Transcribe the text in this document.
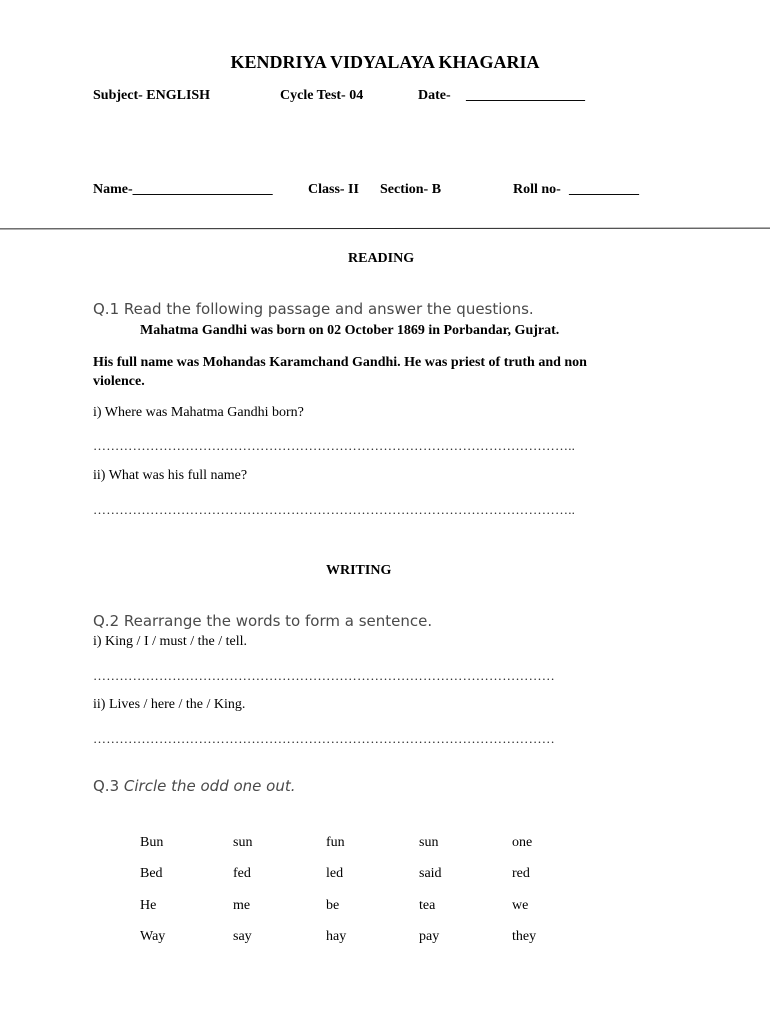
KENDRIYA VIDYALAYA KHAGARIA
Subject- ENGLISH	Cycle Test- 04	Date- _________________
Name-____________________	Class- II Section- B	Roll no- __________
READING
Q.1 Read the following passage and answer the questions.
Mahatma Gandhi was born on 02 October 1869 in Porbandar, Gujrat.
His full name was Mohandas Karamchand Gandhi. He was priest of truth and non
violence.
i) Where was Mahatma Gandhi born?
………………………………………………………………………………………………..
ii) What was his full name?
………………………………………………………………………………………………..
WRITING
Q.2 Rearrange the words to form a sentence.
i) King / I / must / the / tell.
……………………………………………………………………………………………
ii) Lives / here / the / King.
……………………………………………………………………………………………
Q.3 Circle the odd one out.
Bun	sun	fun	sun	one
Bed	fed	led	said	red
He	me	be	tea	we
Way	say	hay	pay	they
